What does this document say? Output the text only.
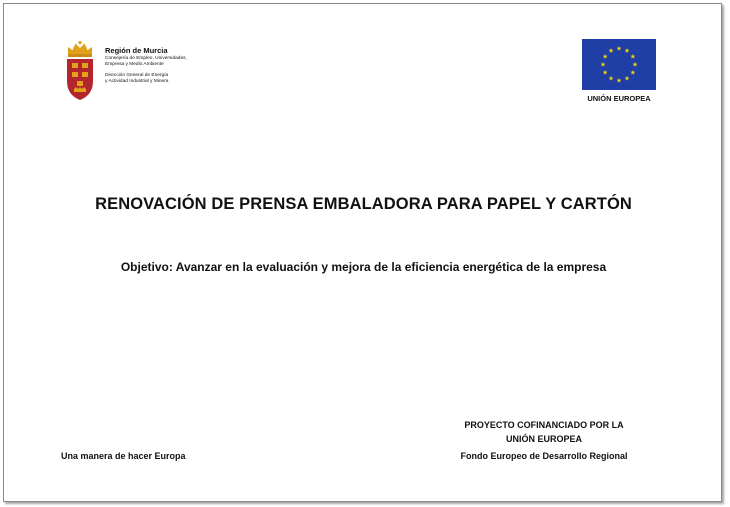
Región de Murcia
Consejería de Empleo, Universidades,
Empresa y Medio Ambiente
Dirección General de Energía
y Actividad Industrial y Minera
UNIÓN EUROPEA
RENOVACIÓN DE PRENSA EMBALADORA PARA PAPEL Y CARTÓN
Objetivo: Avanzar en la evaluación y mejora de la eficiencia energética de la empresa
Una manera de hacer Europa
PROYECTO COFINANCIADO POR LA
UNIÓN EUROPEA
Fondo Europeo de Desarrollo Regional
